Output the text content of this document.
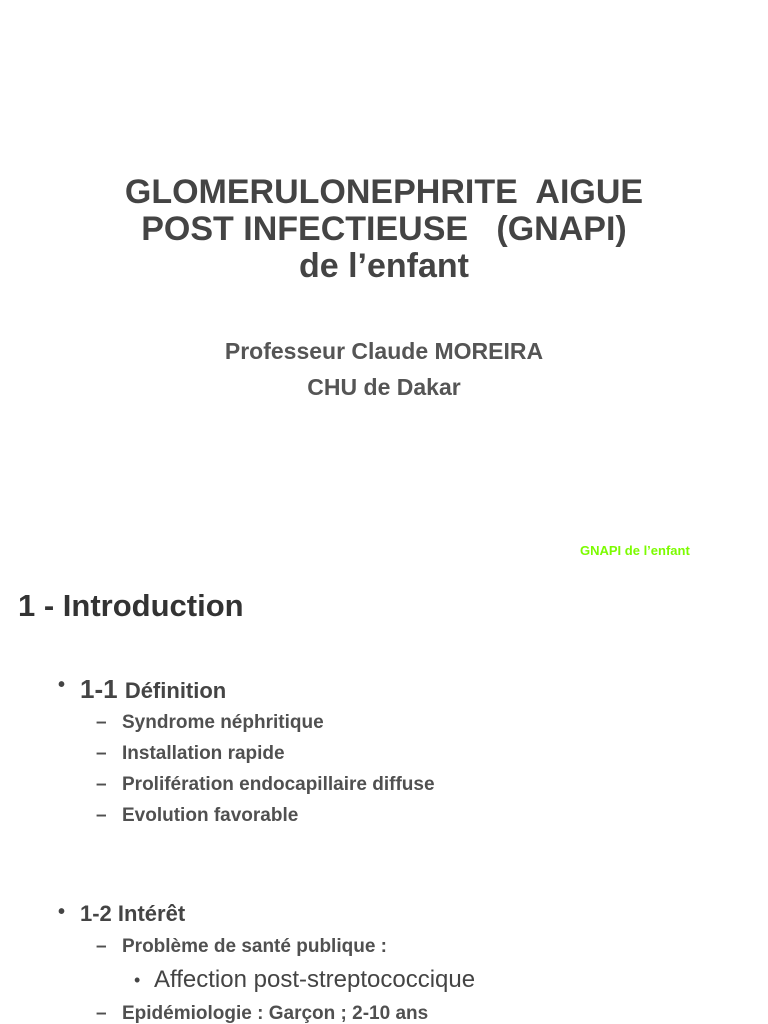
GLOMERULONEPHRITE  AIGUE
POST INFECTIEUSE   (GNAPI)
de l’enfant
Professeur Claude MOREIRA
CHU de Dakar
GNAPI de l’enfant
1 - Introduction
• 1-1 Définition
– Syndrome néphritique
– Installation rapide
– Prolifération endocapillaire diffuse
– Evolution favorable
• 1-2 Intérêt
– Problème de santé publique :
• Affection post-streptococcique
– Epidémiologie : Garçon ; 2-10 ans
